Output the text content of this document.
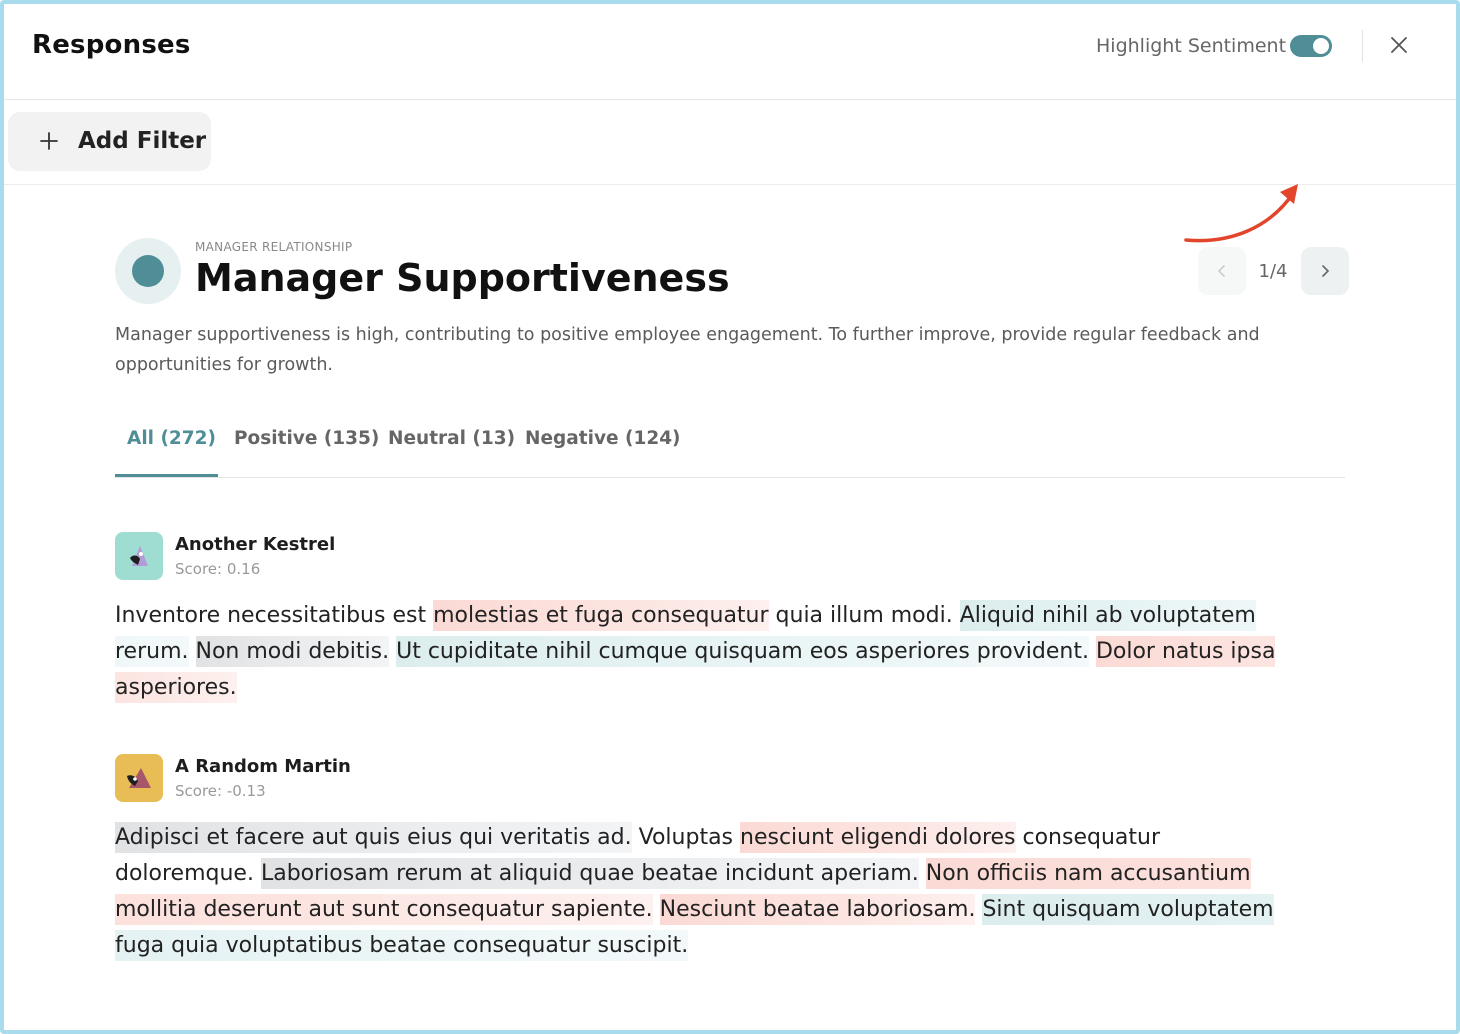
Responses	Highlight Sentiment
Add Filter
MANAGER RELATIONSHIP
Manager Supportiveness	1/4
Manager supportiveness is high, contributing to positive employee engagement. To further improve, provide regular feedback and opportunities for growth.
All (272) Positive (135) Neutral (13) Negative (124)
Another Kestrel
Score: 0.16
Inventore necessitatibus est molestias et fuga consequatur quia illum modi. Aliquid nihil ab voluptatem rerum. Non modi debitis. Ut cupiditate nihil cumque quisquam eos asperiores provident. Dolor natus ipsa asperiores.
A Random Martin
Score: -0.13
Adipisci et facere aut quis eius qui veritatis ad. Voluptas nesciunt eligendi dolores consequatur doloremque. Laboriosam rerum at aliquid quae beatae incidunt aperiam. Non officiis nam accusantium mollitia deserunt aut sunt consequatur sapiente. Nesciunt beatae laboriosam. Sint quisquam voluptatem fuga quia voluptatibus beatae consequatur suscipit.
